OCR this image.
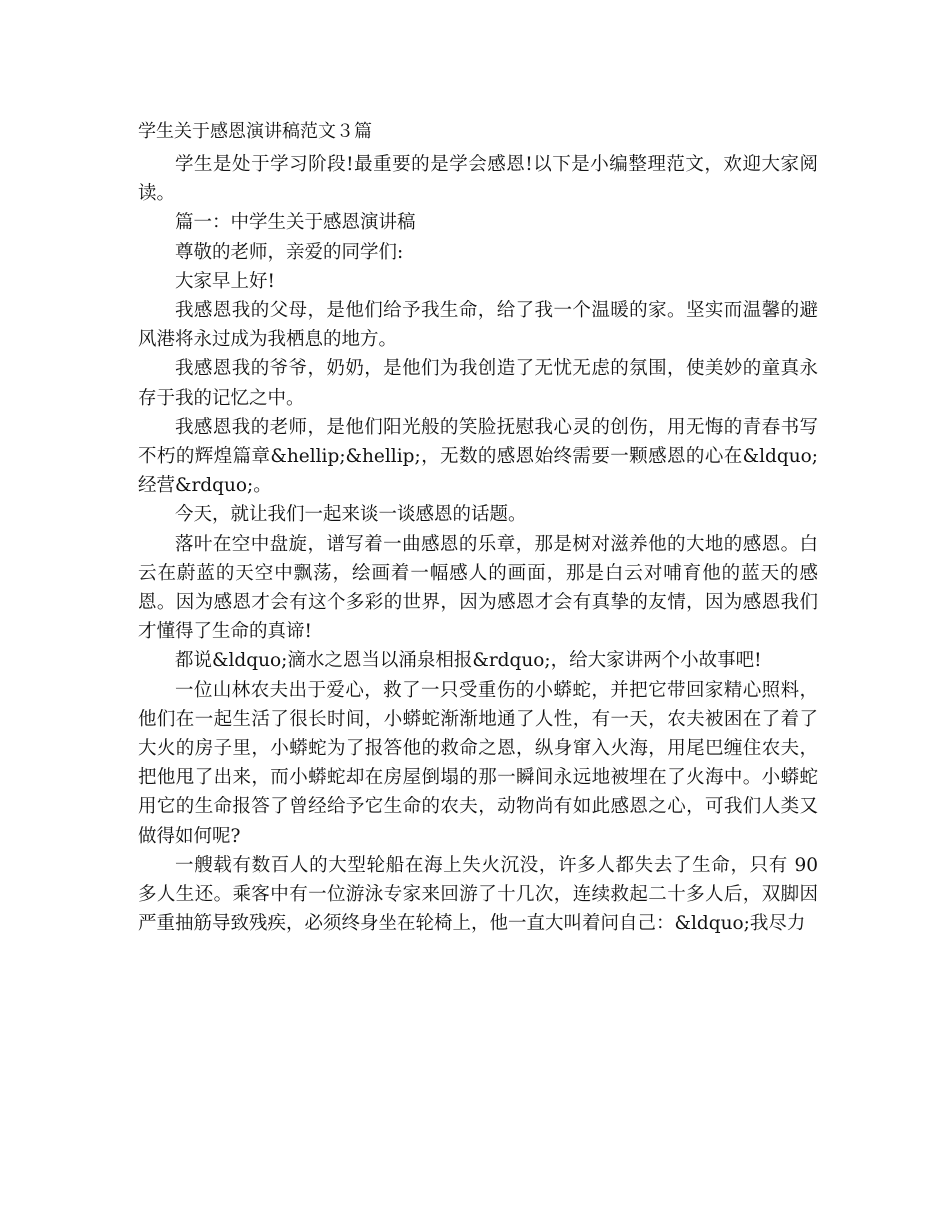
学生关于感恩演讲稿范文３篇

学生是处于学习阶段!最重要的是学会感恩!以下是小编整理范文，欢迎大家阅读。

篇一：中学生关于感恩演讲稿

尊敬的老师，亲爱的同学们:

大家早上好!

我感恩我的父母，是他们给予我生命，给了我一个温暖的家。坚实而温馨的避风港将永过成为我栖息的地方。

我感恩我的爷爷，奶奶，是他们为我创造了无忧无虑的氛围，使美妙的童真永存于我的记忆之中。

我感恩我的老师，是他们阳光般的笑脸抚慰我心灵的创伤，用无悔的青春书写不朽的辉煌篇章&hellip;&hellip;，无数的感恩始终需要一颗感恩的心在&ldquo;经营&rdquo;。

今天，就让我们一起来谈一谈感恩的话题。

落叶在空中盘旋，谱写着一曲感恩的乐章，那是树对滋养他的大地的感恩。白云在蔚蓝的天空中飘荡，绘画着一幅感人的画面，那是白云对哺育他的蓝天的感恩。因为感恩才会有这个多彩的世界，因为感恩才会有真挚的友情，因为感恩我们才懂得了生命的真谛!

都说&ldquo;滴水之恩当以涌泉相报&rdquo;，给大家讲两个小故事吧!

一位山林农夫出于爱心，救了一只受重伤的小蟒蛇，并把它带回家精心照料，他们在一起生活了很长时间，小蟒蛇渐渐地通了人性，有一天，农夫被困在了着了大火的房子里，小蟒蛇为了报答他的救命之恩，纵身窜入火海，用尾巴缠住农夫，把他甩了出来，而小蟒蛇却在房屋倒塌的那一瞬间永远地被埋在了火海中。小蟒蛇用它的生命报答了曾经给予它生命的农夫，动物尚有如此感恩之心，可我们人类又做得如何呢?

一艘载有数百人的大型轮船在海上失火沉没，许多人都失去了生命，只有 90 多人生还。乘客中有一位游泳专家来回游了十几次，连续救起二十多人后，双脚因严重抽筋导致残疾，必须终身坐在轮椅上，他一直大叫着问自己：&ldquo;我尽力
